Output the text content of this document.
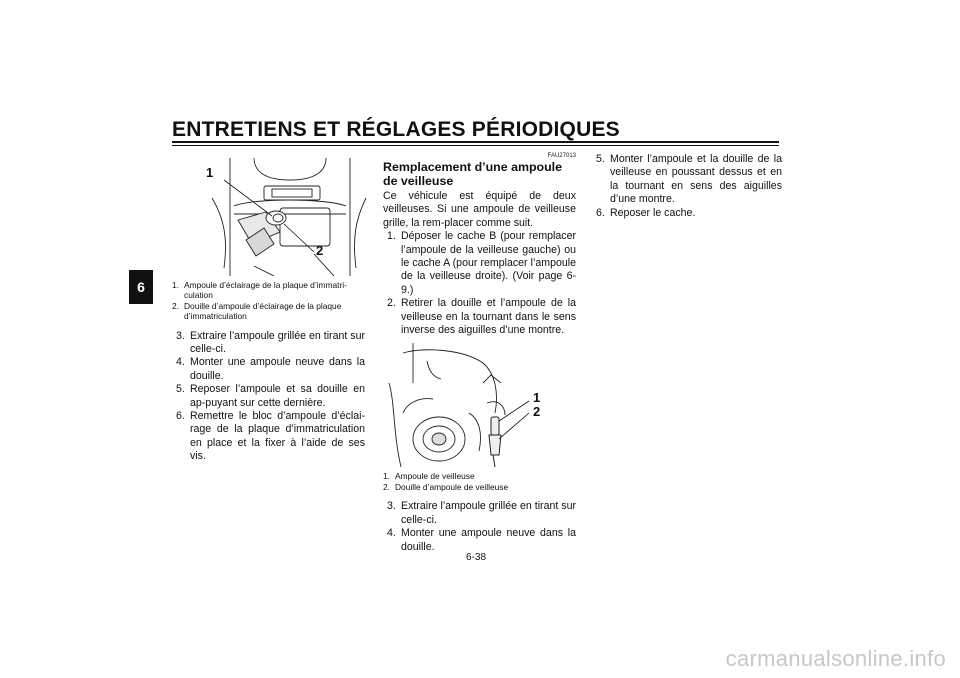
ENTRETIENS ET RÉGLAGES PÉRIODIQUES
6
1
2
1. Ampoule d’éclairage de la plaque d’immatri-culation
2. Douille d’ampoule d’éclairage de la plaque d’immatriculation
3. Extraire l’ampoule grillée en tirant sur celle-ci.
4. Monter une ampoule neuve dans la douille.
5. Reposer l’ampoule et sa douille en ap-puyant sur cette dernière.
6. Remettre le bloc d’ampoule d’éclai-rage de la plaque d’immatriculation en place et la fixer à l’aide de ses vis.
FAU27013
Remplacement d’une ampoule de veilleuse
Ce véhicule est équipé de deux veilleuses. Si une ampoule de veilleuse grille, la rem-placer comme suit.
1. Déposer le cache B (pour remplacer l’ampoule de la veilleuse gauche) ou le cache A (pour remplacer l’ampoule de la veilleuse droite). (Voir page 6-9.)
2. Retirer la douille et l’ampoule de la veilleuse en la tournant dans le sens inverse des aiguilles d’une montre.
1
2
1. Ampoule de veilleuse
2. Douille d’ampoule de veilleuse
3. Extraire l’ampoule grillée en tirant sur celle-ci.
4. Monter une ampoule neuve dans la douille.
5. Monter l’ampoule et la douille de la veilleuse en poussant dessus et en la tournant en sens des aiguilles d’une montre.
6. Reposer le cache.
6-38
carmanualsonline.info
